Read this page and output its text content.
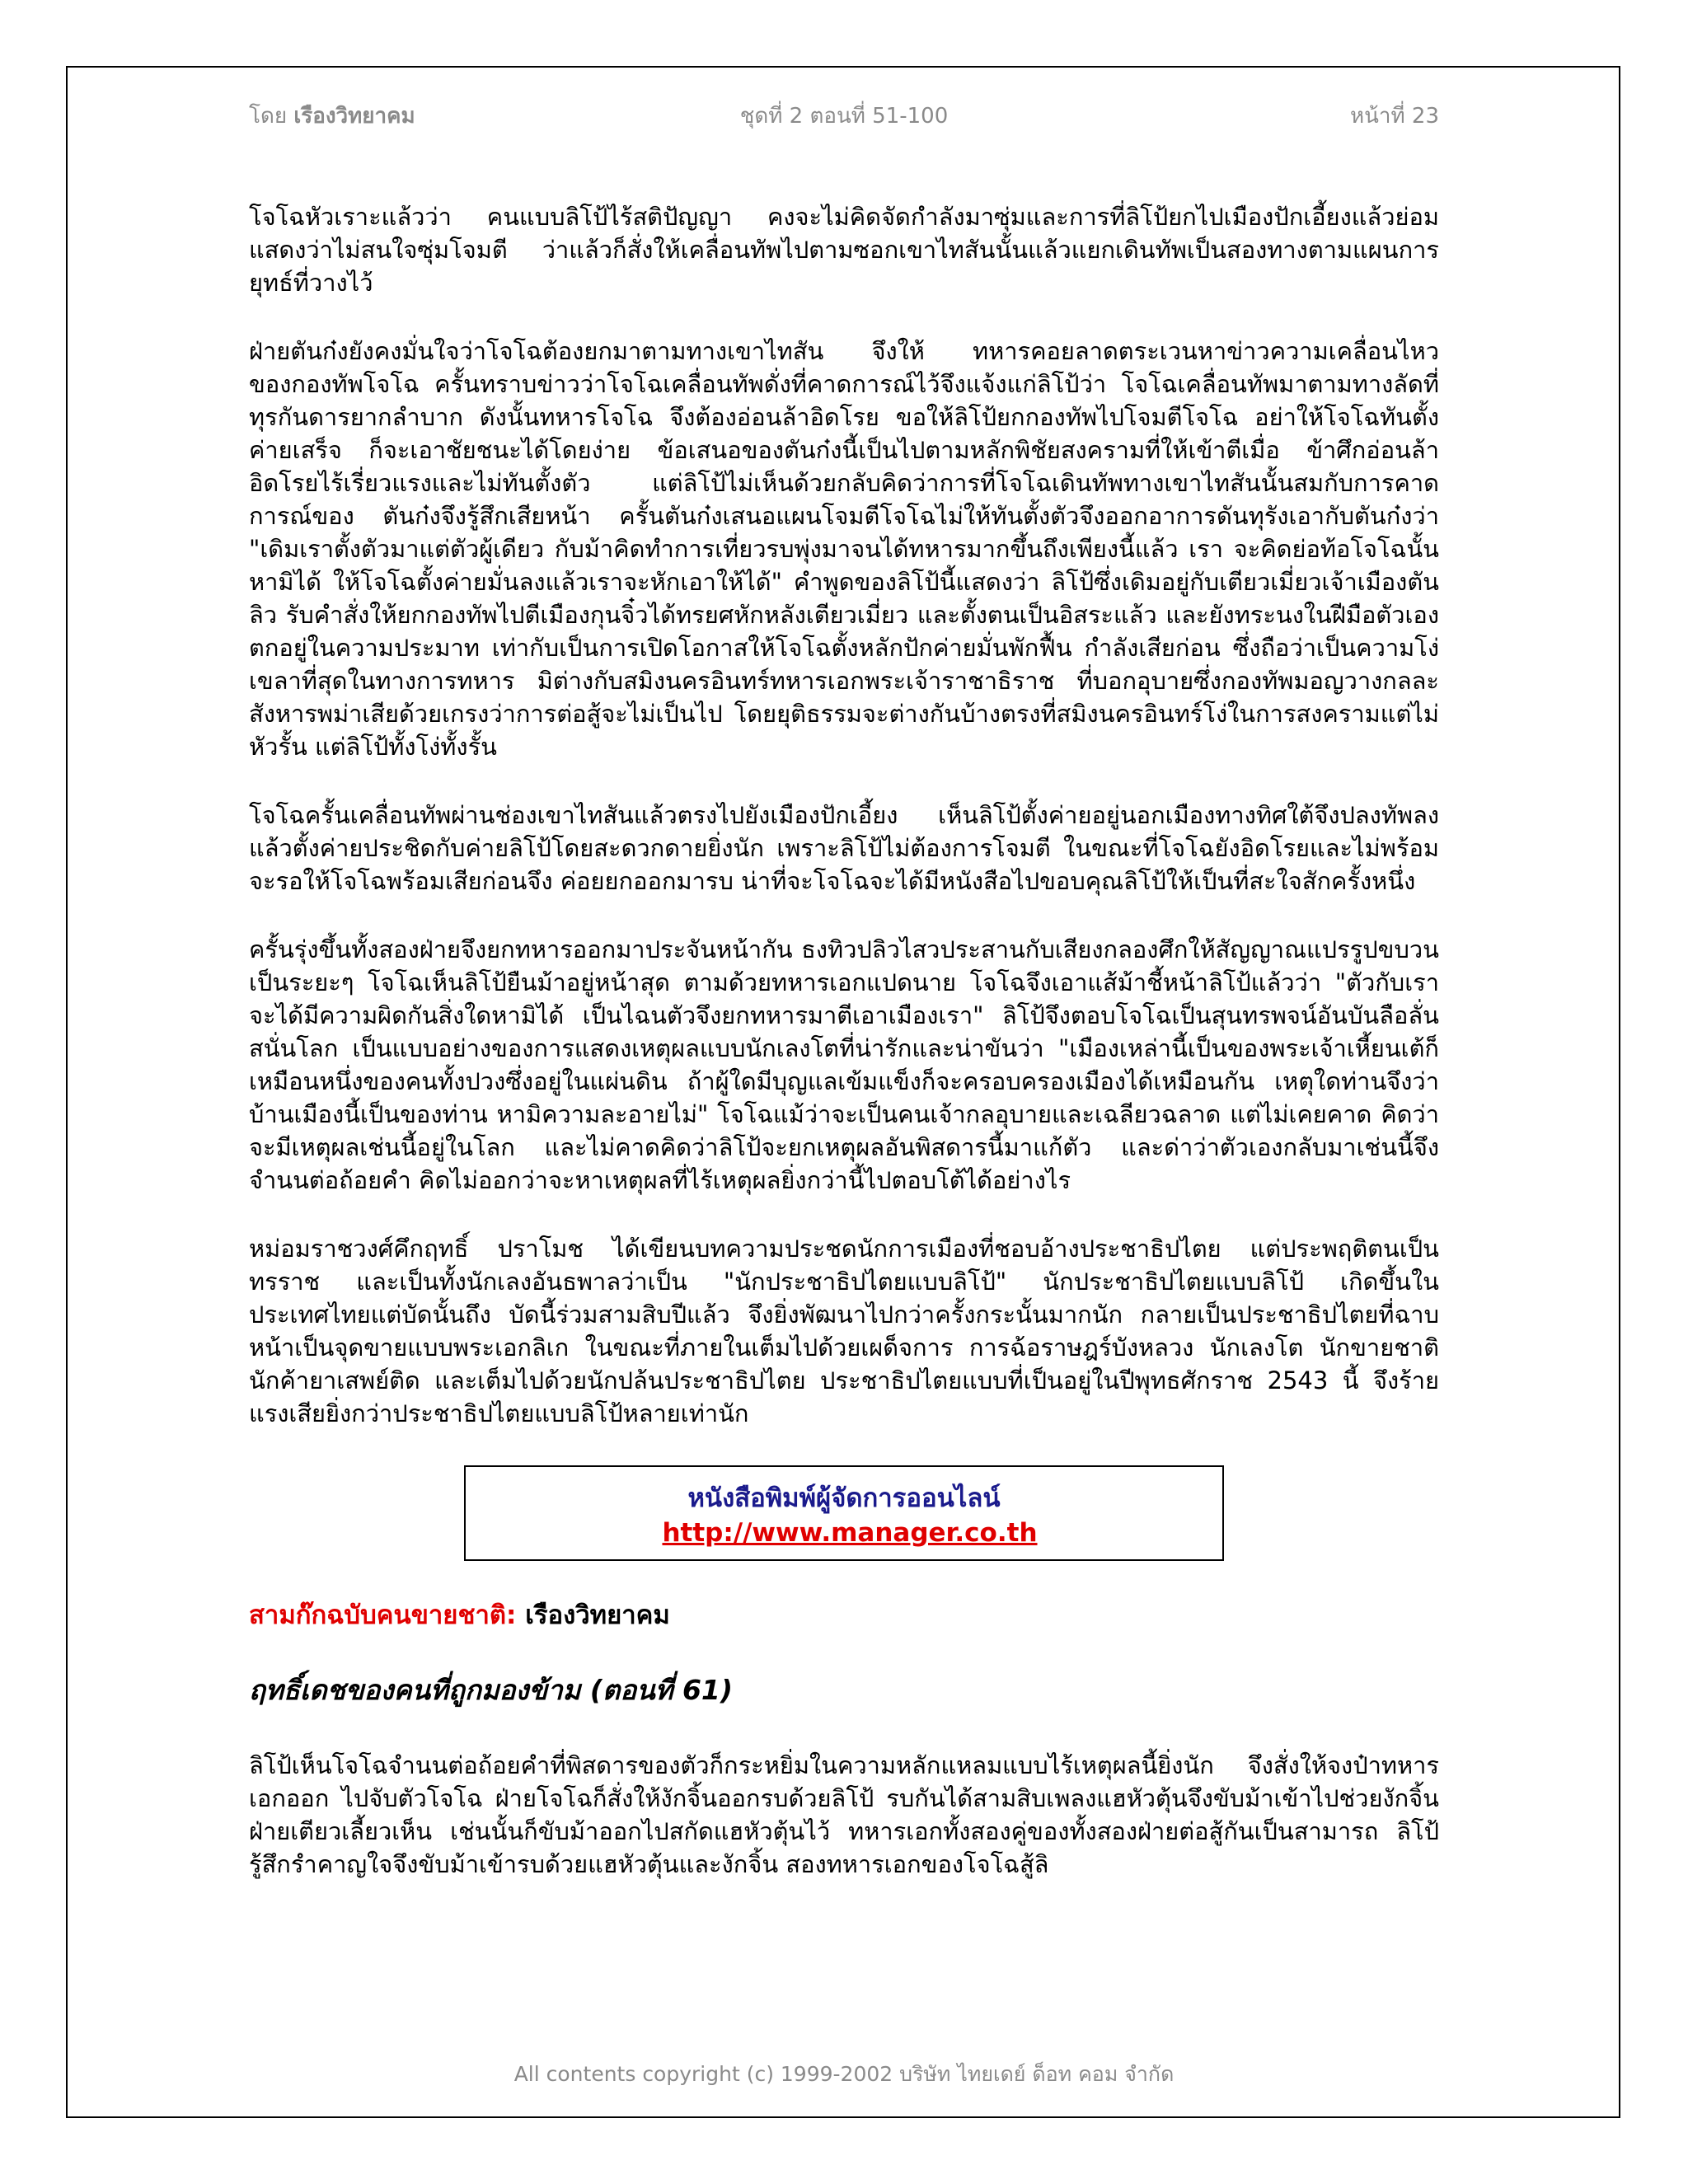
โดย เรืองวิทยาคม	ชุดที่ 2 ตอนที่ 51-100	หน้าที่ 23

โจโฉหัวเราะแล้วว่า คนแบบลิโป้ไร้สติปัญญา คงจะไม่คิดจัดกำลังมาซุ่มและการที่ลิโป้ยกไปเมืองปักเอี้ยงแล้วย่อมแสดงว่าไม่สนใจซุ่มโจมตี ว่าแล้วก็สั่งให้เคลื่อนทัพไปตามซอกเขาไทสันนั้นแล้วแยกเดินทัพเป็นสองทางตามแผนการยุทธ์ที่วางไว้

ฝ่ายตันก๋งยังคงมั่นใจว่าโจโฉต้องยกมาตามทางเขาไทสัน จึงให้ ทหารคอยลาดตระเวนหาข่าวความเคลื่อนไหวของกองทัพโจโฉ ครั้นทราบข่าวว่าโจโฉเคลื่อนทัพดั่งที่คาดการณ์ไว้จึงแจ้งแก่ลิโป้ว่า โจโฉเคลื่อนทัพมาตามทางลัดที่ทุรกันดารยากลำบาก ดังนั้นทหารโจโฉ จึงต้องอ่อนล้าอิดโรย ขอให้ลิโป้ยกกองทัพไปโจมตีโจโฉ อย่าให้โจโฉทันตั้งค่ายเสร็จ ก็จะเอาชัยชนะได้โดยง่าย ข้อเสนอของตันก๋งนี้เป็นไปตามหลักพิชัยสงครามที่ให้เข้าตีเมื่อ ข้าศึกอ่อนล้าอิดโรยไร้เรี่ยวแรงและไม่ทันตั้งตัว แต่ลิโป้ไม่เห็นด้วยกลับคิดว่าการที่โจโฉเดินทัพทางเขาไทสันนั้นสมกับการคาดการณ์ของ ตันก๋งจึงรู้สึกเสียหน้า ครั้นตันก๋งเสนอแผนโจมตีโจโฉไม่ให้ทันตั้งตัวจึงออกอาการดันทุรังเอากับตันก๋งว่า "เดิมเราตั้งตัวมาแต่ตัวผู้เดียว กับม้าคิดทำการเที่ยวรบพุ่งมาจนได้ทหารมากขึ้นถึงเพียงนี้แล้ว เรา จะคิดย่อท้อโจโฉนั้นหามิได้ ให้โจโฉตั้งค่ายมั่นลงแล้วเราจะหักเอาให้ได้" คำพูดของลิโป้นี้แสดงว่า ลิโป้ซึ่งเดิมอยู่กับเตียวเมี่ยวเจ้าเมืองตันลิว รับคำสั่งให้ยกกองทัพไปตีเมืองกุนจิ๋วได้ทรยศหักหลังเตียวเมี่ยว และตั้งตนเป็นอิสระแล้ว และยังทระนงในฝีมือตัวเอง ตกอยู่ในความประมาท เท่ากับเป็นการเปิดโอกาสให้โจโฉตั้งหลักปักค่ายมั่นพักฟื้น กำลังเสียก่อน ซึ่งถือว่าเป็นความโง่เขลาที่สุดในทางการทหาร มิต่างกับสมิงนครอินทร์ทหารเอกพระเจ้าราชาธิราช ที่บอกอุบายซึ่งกองทัพมอญวางกลละสังหารพม่าเสียด้วยเกรงว่าการต่อสู้จะไม่เป็นไป โดยยุติธรรมจะต่างกันบ้างตรงที่สมิงนครอินทร์โง่ในการสงครามแต่ไม่หัวรั้น แต่ลิโป้ทั้งโง่ทั้งรั้น

โจโฉครั้นเคลื่อนทัพผ่านช่องเขาไทสันแล้วตรงไปยังเมืองปักเอี้ยง เห็นลิโป้ตั้งค่ายอยู่นอกเมืองทางทิศใต้จึงปลงทัพลงแล้วตั้งค่ายประชิดกับค่ายลิโป้โดยสะดวกดายยิ่งนัก เพราะลิโป้ไม่ต้องการโจมตี ในขณะที่โจโฉยังอิดโรยและไม่พร้อม จะรอให้โจโฉพร้อมเสียก่อนจึง ค่อยยกออกมารบ น่าที่จะโจโฉจะได้มีหนังสือไปขอบคุณลิโป้ให้เป็นที่สะใจสักครั้งหนึ่ง

ครั้นรุ่งขึ้นทั้งสองฝ่ายจึงยกทหารออกมาประจันหน้ากัน ธงทิวปลิวไสวประสานกับเสียงกลองศึกให้สัญญาณแปรรูปขบวนเป็นระยะๆ โจโฉเห็นลิโป้ยืนม้าอยู่หน้าสุด ตามด้วยทหารเอกแปดนาย โจโฉจึงเอาแส้ม้าชี้หน้าลิโป้แล้วว่า "ตัวกับเราจะได้มีความผิดกันสิ่งใดหามิได้ เป็นไฉนตัวจึงยกทหารมาตีเอาเมืองเรา" ลิโป้จึงตอบโจโฉเป็นสุนทรพจน์อันบันลือลั่นสนั่นโลก เป็นแบบอย่างของการแสดงเหตุผลแบบนักเลงโตที่น่ารักและน่าขันว่า "เมืองเหล่านี้เป็นของพระเจ้าเหี้ยนเต้ก็เหมือนหนึ่งของคนทั้งปวงซึ่งอยู่ในแผ่นดิน ถ้าผู้ใดมีบุญแลเข้มแข็งก็จะครอบครองเมืองได้เหมือนกัน เหตุใดท่านจึงว่าบ้านเมืองนี้เป็นของท่าน หามิความละอายไม่" โจโฉแม้ว่าจะเป็นคนเจ้ากลอุบายและเฉลียวฉลาด แต่ไม่เคยคาด คิดว่าจะมีเหตุผลเช่นนี้อยู่ในโลก และไม่คาดคิดว่าลิโป้จะยกเหตุผลอันพิสดารนี้มาแก้ตัว และด่าว่าตัวเองกลับมาเช่นนี้จึงจำนนต่อถ้อยคำ คิดไม่ออกว่าจะหาเหตุผลที่ไร้เหตุผลยิ่งกว่านี้ไปตอบโต้ได้อย่างไร

หม่อมราชวงศ์คึกฤทธิ์ ปราโมช ได้เขียนบทความประชดนักการเมืองที่ชอบอ้างประชาธิปไตย แต่ประพฤติตนเป็นทรราช และเป็นทั้งนักเลงอันธพาลว่าเป็น "นักประชาธิปไตยแบบลิโป้" นักประชาธิปไตยแบบลิโป้ เกิดขึ้นในประเทศไทยแต่บัดนั้นถึง บัดนี้ร่วมสามสิบปีแล้ว จึงยิ่งพัฒนาไปกว่าครั้งกระนั้นมากนัก กลายเป็นประชาธิปไตยที่ฉาบหน้าเป็นจุดขายแบบพระเอกลิเก ในขณะที่ภายในเต็มไปด้วยเผด็จการ การฉ้อราษฎร์บังหลวง นักเลงโต นักขายชาติ นักค้ายาเสพย์ติด และเต็มไปด้วยนักปล้นประชาธิปไตย ประชาธิปไตยแบบที่เป็นอยู่ในปีพุทธศักราช 2543 นี้ จึงร้ายแรงเสียยิ่งกว่าประชาธิปไตยแบบลิโป้หลายเท่านัก

หนังสือพิมพ์ผู้จัดการออนไลน์ http://www.manager.co.th
สามก๊กฉบับคนขายชาติ: เรืองวิทยาคม
ฤทธิ์เดชของคนที่ถูกมองข้าม (ตอนที่ 61)

ลิโป้เห็นโจโฉจำนนต่อถ้อยคำที่พิสดารของตัวก็กระหยิ่มในความหลักแหลมแบบไร้เหตุผลนี้ยิ่งนัก จึงสั่งให้จงป๋าทหารเอกออก ไปจับตัวโจโฉ ฝ่ายโจโฉก็สั่งให้งักจิ้นออกรบด้วยลิโป้ รบกันได้สามสิบเพลงแฮหัวตุ้นจึงขับม้าเข้าไปช่วยงักจิ้น ฝ่ายเตียวเลี้ยวเห็น เช่นนั้นก็ขับม้าออกไปสกัดแฮหัวตุ้นไว้ ทหารเอกทั้งสองคู่ของทั้งสองฝ่ายต่อสู้กันเป็นสามารถ ลิโป้รู้สึกรำคาญใจจึงขับม้าเข้ารบด้วยแฮหัวตุ้นและงักจิ้น สองทหารเอกของโจโฉสู้ลิ

All contents copyright (c) 1999-2002 บริษัท ไทยเดย์ ด็อท คอม จำกัด
